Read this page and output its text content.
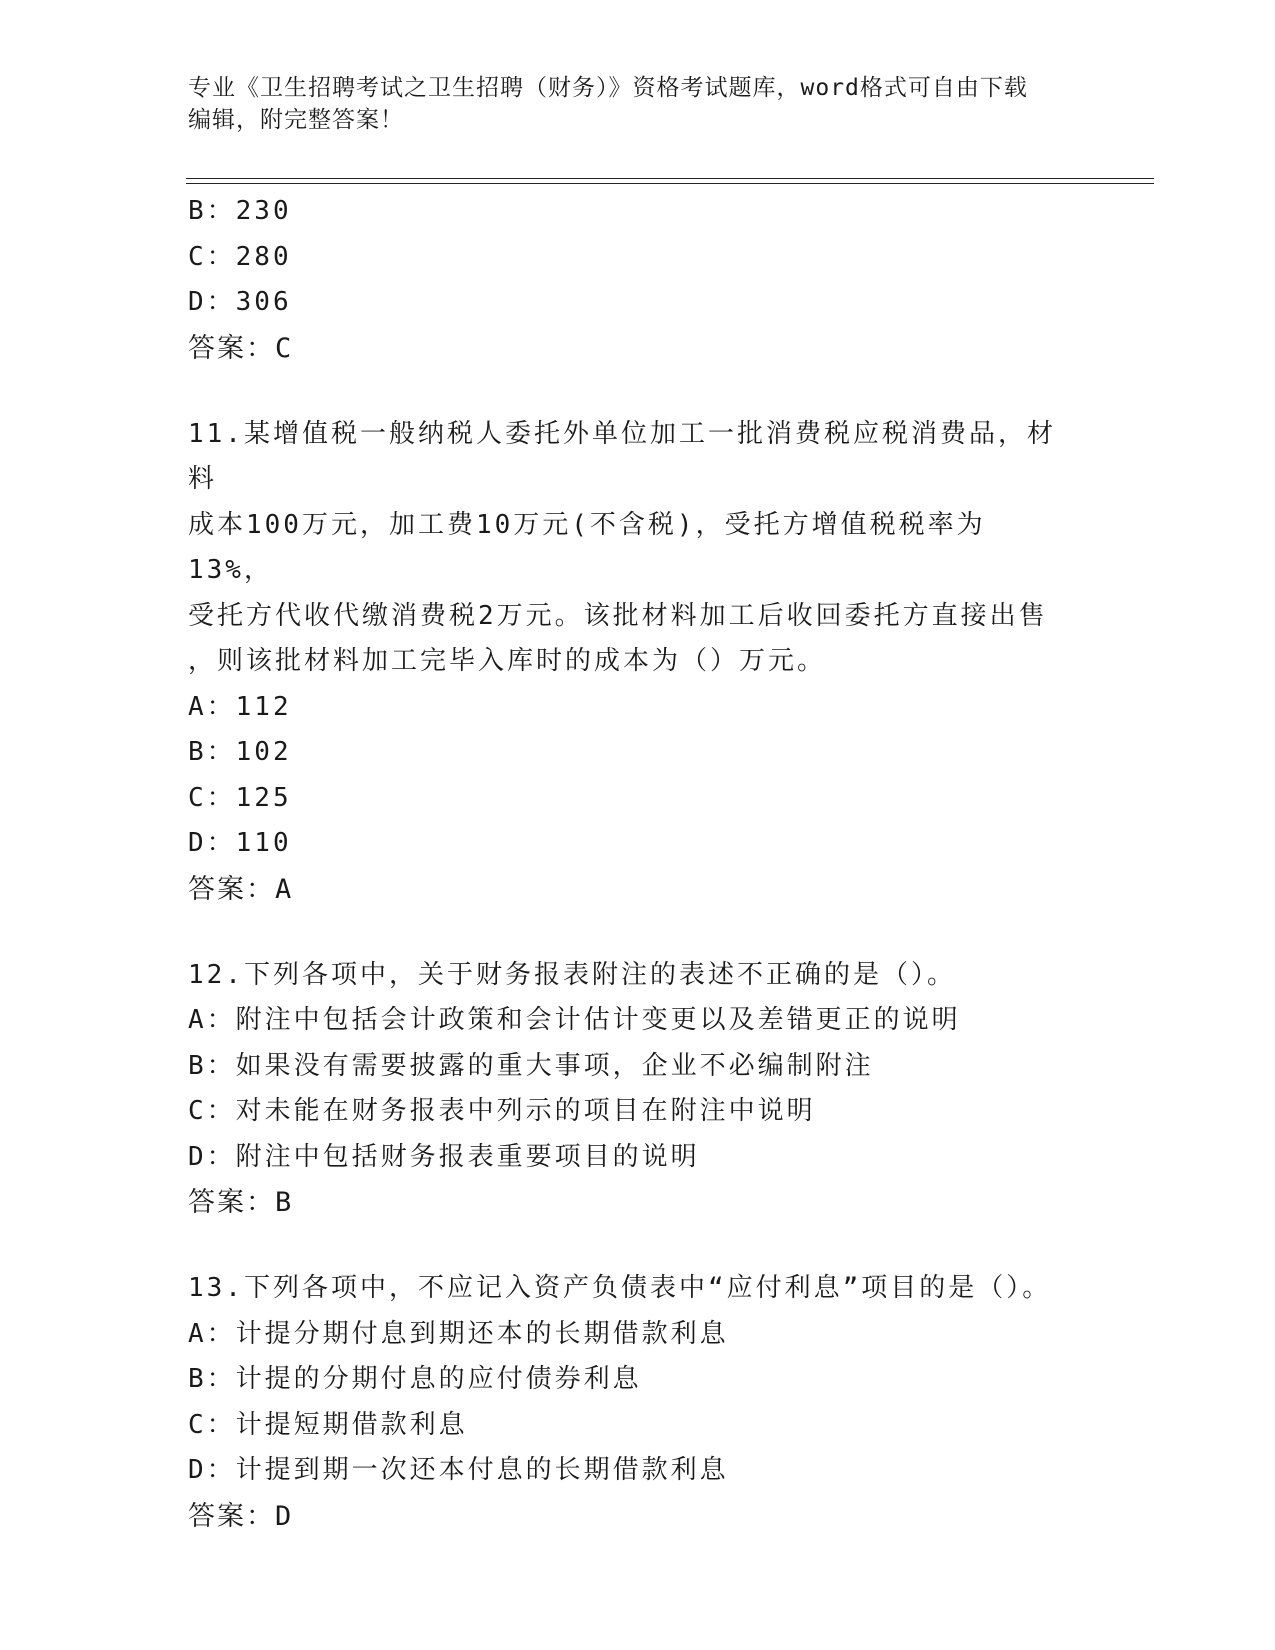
专业《卫生招聘考试之卫生招聘（财务）》资格考试题库，word格式可自由下载
编辑，附完整答案！
B：230
C：280
D：306
答案：C
11.某增值税一般纳税人委托外单位加工一批消费税应税消费品，材料
成本100万元，加工费10万元(不含税)，受托方增值税税率为13%，
受托方代收代缴消费税2万元。该批材料加工后收回委托方直接出售
，则该批材料加工完毕入库时的成本为（）万元。
A：112
B：102
C：125
D：110
答案：A
12.下列各项中，关于财务报表附注的表述不正确的是（）。
A：附注中包括会计政策和会计估计变更以及差错更正的说明
B：如果没有需要披露的重大事项，企业不必编制附注
C：对未能在财务报表中列示的项目在附注中说明
D：附注中包括财务报表重要项目的说明
答案：B
13.下列各项中，不应记入资产负债表中“应付利息”项目的是（）。
A：计提分期付息到期还本的长期借款利息
B：计提的分期付息的应付债券利息
C：计提短期借款利息
D：计提到期一次还本付息的长期借款利息
答案：D
